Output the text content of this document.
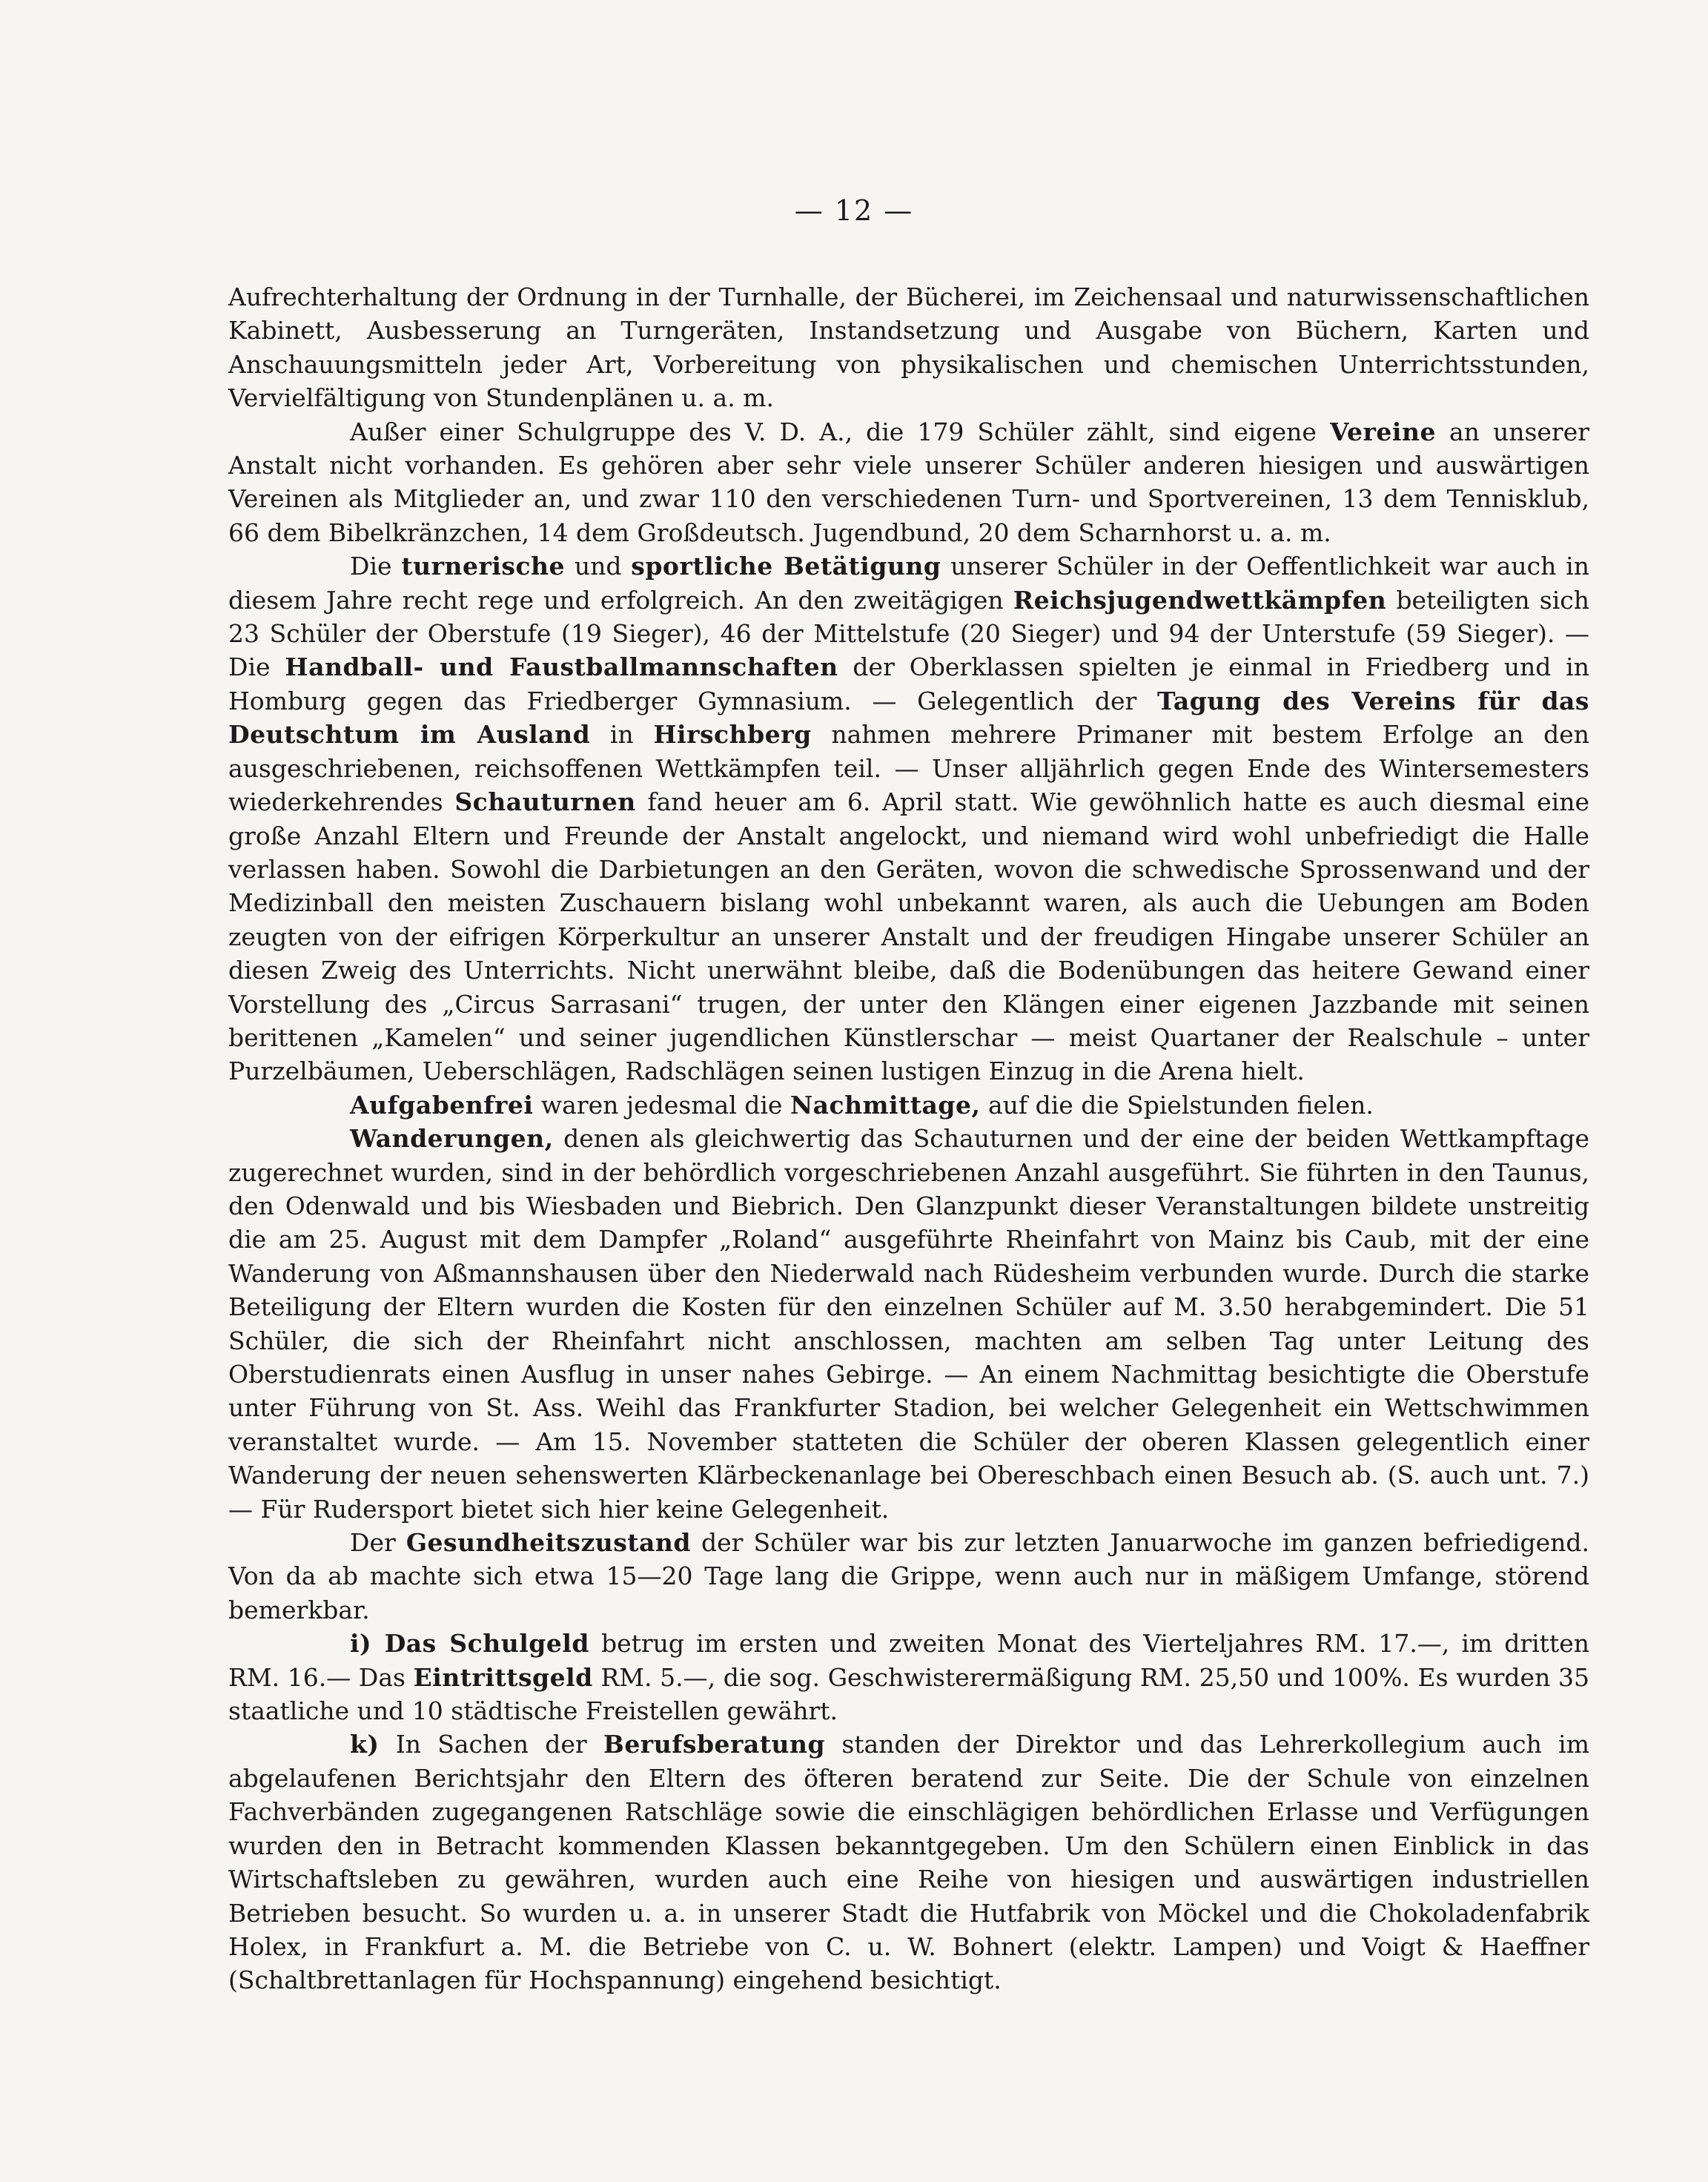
— 12 —

Aufrechterhaltung der Ordnung in der Turnhalle, der Bücherei, im Zeichensaal und naturwissenschaftlichen Kabinett, Ausbesserung an Turngeräten, Instandsetzung und Ausgabe von Büchern, Karten und Anschauungsmitteln jeder Art, Vorbereitung von physikalischen und chemischen Unterrichtsstunden, Vervielfältigung von Stundenplänen u. a. m.

Außer einer Schulgruppe des V. D. A., die 179 Schüler zählt, sind eigene Vereine an unserer Anstalt nicht vorhanden. Es gehören aber sehr viele unserer Schüler anderen hiesigen und auswärtigen Vereinen als Mitglieder an, und zwar 110 den verschiedenen Turn- und Sportvereinen, 13 dem Tennisklub, 66 dem Bibelkränzchen, 14 dem Großdeutsch. Jugendbund, 20 dem Scharnhorst u. a. m.

Die turnerische und sportliche Betätigung unserer Schüler in der Oeffentlichkeit war auch in diesem Jahre recht rege und erfolgreich. An den zweitägigen Reichsjugendwettkämpfen beteiligten sich 23 Schüler der Oberstufe (19 Sieger), 46 der Mittelstufe (20 Sieger) und 94 der Unterstufe (59 Sieger). — Die Handball- und Faustballmannschaften der Oberklassen spielten je einmal in Friedberg und in Homburg gegen das Friedberger Gymnasium. — Gelegentlich der Tagung des Vereins für das Deutschtum im Ausland in Hirschberg nahmen mehrere Primaner mit bestem Erfolge an den ausgeschriebenen, reichsoffenen Wettkämpfen teil. — Unser alljährlich gegen Ende des Wintersemesters wiederkehrendes Schauturnen fand heuer am 6. April statt. Wie gewöhnlich hatte es auch diesmal eine große Anzahl Eltern und Freunde der Anstalt angelockt, und niemand wird wohl unbefriedigt die Halle verlassen haben. Sowohl die Darbietungen an den Geräten, wovon die schwedische Sprossenwand und der Medizinball den meisten Zuschauern bislang wohl unbekannt waren, als auch die Uebungen am Boden zeugten von der eifrigen Körperkultur an unserer Anstalt und der freudigen Hingabe unserer Schüler an diesen Zweig des Unterrichts. Nicht unerwähnt bleibe, daß die Bodenübungen das heitere Gewand einer Vorstellung des „Circus Sarrasani“ trugen, der unter den Klängen einer eigenen Jazzbande mit seinen berittenen „Kamelen“ und seiner jugendlichen Künstlerschar — meist Quartaner der Realschule – unter Purzelbäumen, Ueberschlägen, Radschlägen seinen lustigen Einzug in die Arena hielt.

Aufgabenfrei waren jedesmal die Nachmittage, auf die die Spielstunden fielen.

Wanderungen, denen als gleichwertig das Schauturnen und der eine der beiden Wettkampftage zugerechnet wurden, sind in der behördlich vorgeschriebenen Anzahl ausgeführt. Sie führten in den Taunus, den Odenwald und bis Wiesbaden und Biebrich. Den Glanzpunkt dieser Veranstaltungen bildete unstreitig die am 25. August mit dem Dampfer „Roland“ ausgeführte Rheinfahrt von Mainz bis Caub, mit der eine Wanderung von Aßmannshausen über den Niederwald nach Rüdesheim verbunden wurde. Durch die starke Beteiligung der Eltern wurden die Kosten für den einzelnen Schüler auf M. 3.50 herabgemindert. Die 51 Schüler, die sich der Rheinfahrt nicht anschlossen, machten am selben Tag unter Leitung des Oberstudienrats einen Ausflug in unser nahes Gebirge. — An einem Nachmittag besichtigte die Oberstufe unter Führung von St. Ass. Weihl das Frankfurter Stadion, bei welcher Gelegenheit ein Wettschwimmen veranstaltet wurde. — Am 15. November statteten die Schüler der oberen Klassen gelegentlich einer Wanderung der neuen sehenswerten Klärbeckenanlage bei Obereschbach einen Besuch ab. (S. auch unt. 7.) — Für Rudersport bietet sich hier keine Gelegenheit.

Der Gesundheitszustand der Schüler war bis zur letzten Januarwoche im ganzen befriedigend. Von da ab machte sich etwa 15—20 Tage lang die Grippe, wenn auch nur in mäßigem Umfange, störend bemerkbar.

i) Das Schulgeld betrug im ersten und zweiten Monat des Vierteljahres RM. 17.—, im dritten RM. 16.— Das Eintrittsgeld RM. 5.—, die sog. Geschwisterermäßigung RM. 25,50 und 100%. Es wurden 35 staatliche und 10 städtische Freistellen gewährt.

k) In Sachen der Berufsberatung standen der Direktor und das Lehrerkollegium auch im abgelaufenen Berichtsjahr den Eltern des öfteren beratend zur Seite. Die der Schule von einzelnen Fachverbänden zugegangenen Ratschläge sowie die einschlägigen behördlichen Erlasse und Verfügungen wurden den in Betracht kommenden Klassen bekanntgegeben. Um den Schülern einen Einblick in das Wirtschaftsleben zu gewähren, wurden auch eine Reihe von hiesigen und auswärtigen industriellen Betrieben besucht. So wurden u. a. in unserer Stadt die Hutfabrik von Möckel und die Chokoladenfabrik Holex, in Frankfurt a. M. die Betriebe von C. u. W. Bohnert (elektr. Lampen) und Voigt & Haeffner (Schaltbrettanlagen für Hochspannung) eingehend besichtigt.
